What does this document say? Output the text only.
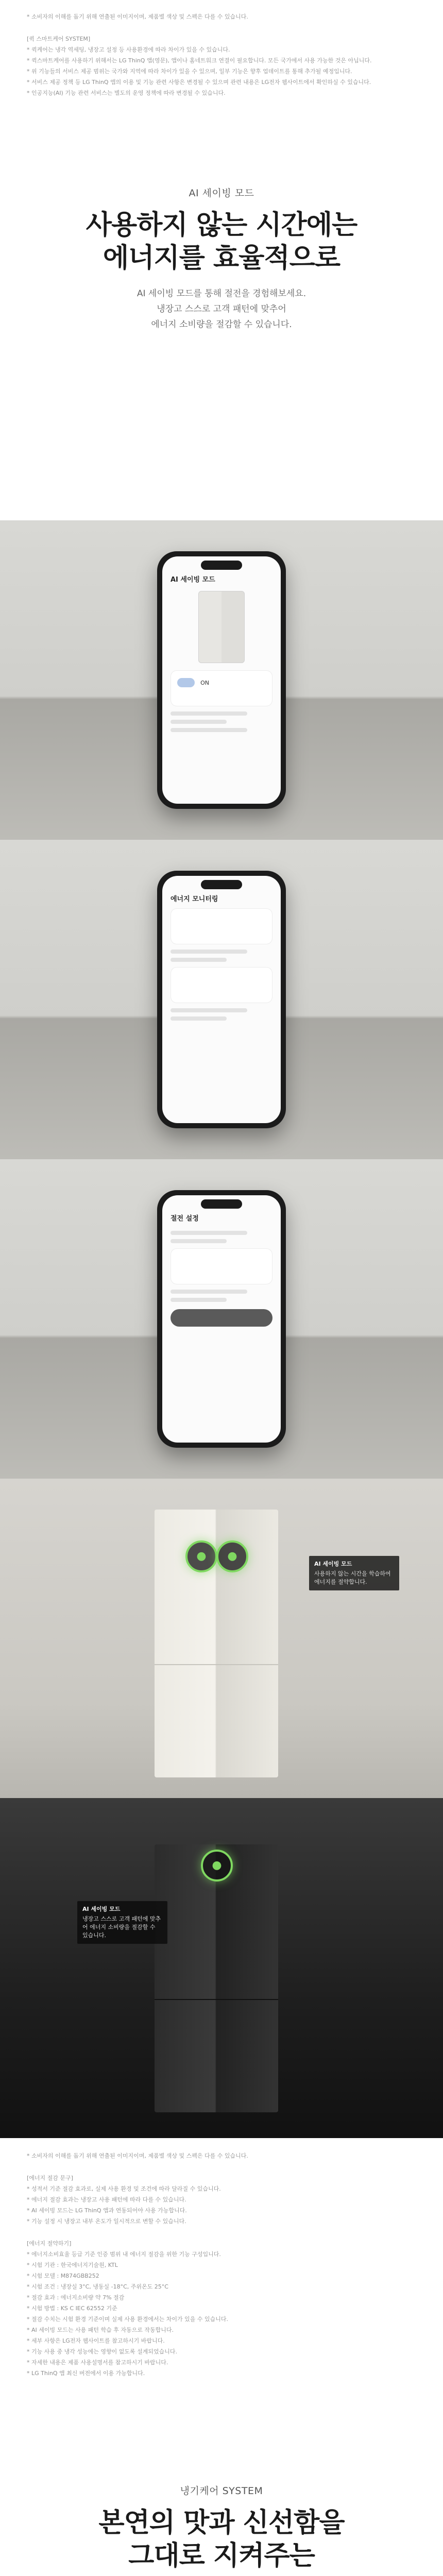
* 소비자의 이해를 돕기 위해 연출된 이미지이며, 제품별 색상 및 스펙은 다를 수 있습니다.

[퀵 스마트케어 SYSTEM]

* 퀵케어는 냉각 역세팅, 냉장고 설정 등 사용환경에 따라 차이가 있을 수 있습니다.

* 퀵스마트케어를 사용하기 위해서는 LG ThinQ 앱(영문), 앱이나 홈네트워크 연결이 필요합니다. 모든 국가에서 사용 가능한 것은 아닙니다.

* 위 기능들의 서비스 제공 범위는 국가와 지역에 따라 차이가 있을 수 있으며, 일부 기능은 향후 업데이트를 통해 추가될 예정입니다.

* 서비스 제공 정책 등 LG ThinQ 앱의 이용 및 기능 관련 사항은 변경될 수 있으며 관련 내용은 LG전자 웹사이트에서 확인하실 수 있습니다.

* 인공지능(AI) 기능 관련 서비스는 별도의 운영 정책에 따라 변경될 수 있습니다.

AI 세이빙 모드

사용하지 않는 시간에는
에너지를 효율적으로

AI 세이빙 모드를 통해 절전을 경험해보세요.

냉장고 스스로 고객 패턴에 맞추어

에너지 소비량을 절감할 수 있습니다.

AI 세이빙 모드

ON

에너지 모니터링

절전 설정

●	●
AI 세이빙 모드
사용하지 않는 시간을 학습하여 에너지를 절약합니다.
●
AI 세이빙 모드
냉장고 스스로 고객 패턴에 맞추어 에너지 소비량을 절감할 수 있습니다.

* 소비자의 이해를 돕기 위해 연출된 이미지이며, 제품별 색상 및 스펙은 다를 수 있습니다.

[에너지 절감 문구]

* 성적서 기준 절감 효과로, 실제 사용 환경 및 조건에 따라 달라질 수 있습니다.

* 에너지 절감 효과는 냉장고 사용 패턴에 따라 다를 수 있습니다.

* AI 세이빙 모드는 LG ThinQ 앱과 연동되어야 사용 가능합니다.

* 기능 설정 시 냉장고 내부 온도가 일시적으로 변할 수 있습니다.

[에너지 절약하기]

* 에너지소비효율 등급 기준 인증 범위 내 에너지 절감을 위한 기능 구성입니다.

* 시험 기관 : 한국에너지기술원, KTL

* 시험 모델 : M874GBB252

* 시험 조건 : 냉장실 3°C, 냉동실 -18°C, 주위온도 25°C

* 절감 효과 : 에너지소비량 약 7% 절감

* 시험 방법 : KS C IEC 62552 기준

* 절감 수치는 시험 환경 기준이며 실제 사용 환경에서는 차이가 있을 수 있습니다.

* AI 세이빙 모드는 사용 패턴 학습 후 자동으로 작동합니다.

* 세부 사항은 LG전자 웹사이트를 참고하시기 바랍니다.

* 기능 사용 중 냉각 성능에는 영향이 없도록 설계되었습니다.

* 자세한 내용은 제품 사용설명서를 참고하시기 바랍니다.

* LG ThinQ 앱 최신 버전에서 이용 가능합니다.

냉기케어 SYSTEM

본연의 맛과 신선함을
그대로 지켜주는
